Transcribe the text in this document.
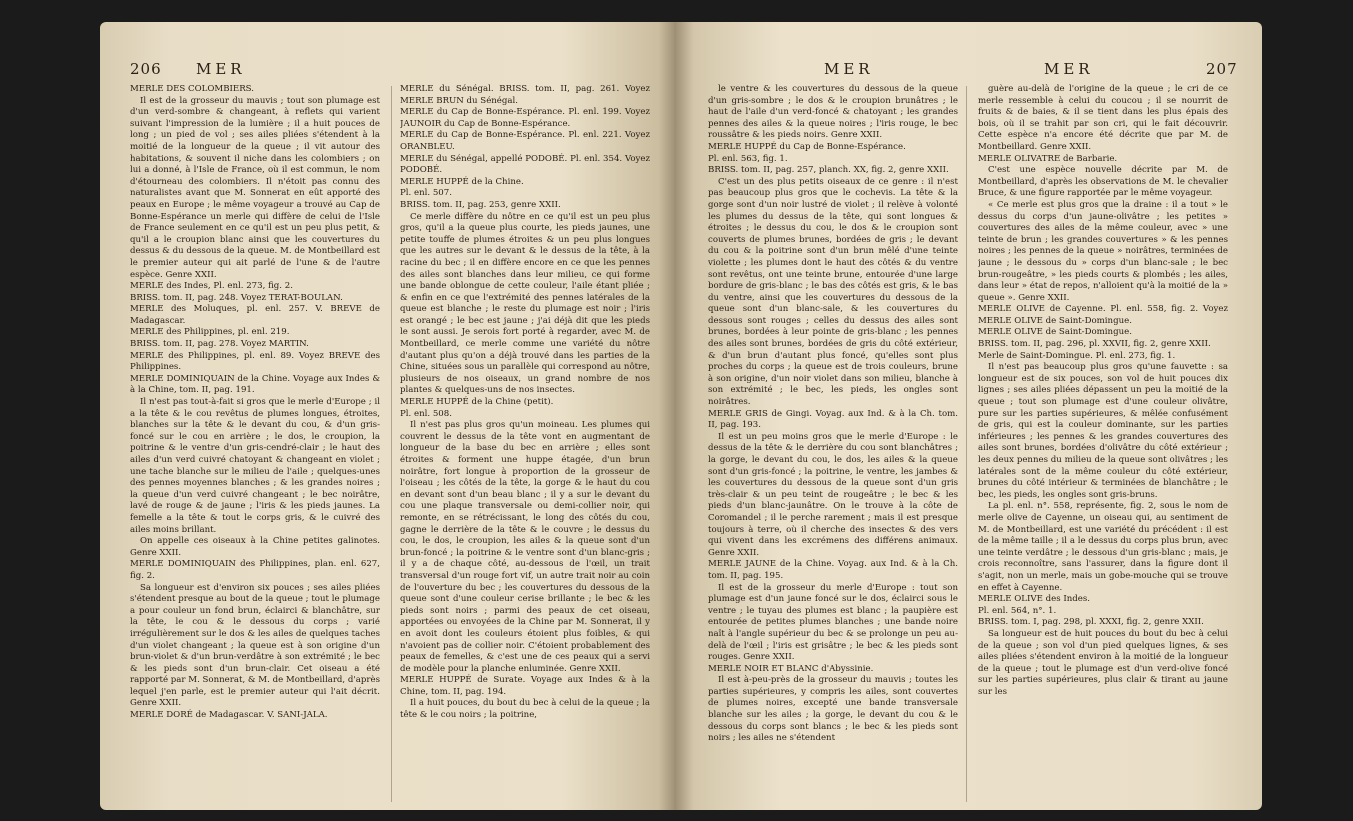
206 MER

MERLE DES COLOMBIERS.

Il est de la grosseur du mauvis ; tout son plumage est d'un verd-sombre & changeant, à reflets qui varient suivant l'impression de la lumière ; il a huit pouces de long ; un pied de vol ; ses ailes pliées s'étendent à la moitié de la longueur de la queue ; il vit autour des habitations, & souvent il niche dans les colombiers ; on lui a donné, à l'Isle de France, où il est commun, le nom d'étourneau des colombiers. Il n'étoit pas connu des naturalistes avant que M. Sonnerat en eût apporté des peaux en Europe ; le même voyageur a trouvé au Cap de Bonne-Espérance un merle qui diffère de celui de l'Isle de France seulement en ce qu'il est un peu plus petit, & qu'il a le croupion blanc ainsi que les couvertures du dessus & du dessous de la queue. M. de Montbeillard est le premier auteur qui ait parlé de l'une & de l'autre espèce. Genre XXII.

MERLE des Indes, Pl. enl. 273, fig. 2.

BRISS. tom. II, pag. 248. Voyez TERAT-BOULAN.

MERLE des Moluques, pl. enl. 257. V. BREVE de Madagascar.

MERLE des Philippines, pl. enl. 219.

BRISS. tom. II, pag. 278. Voyez MARTIN.

MERLE des Philippines, pl. enl. 89. Voyez BREVE des Philippines.

MERLE DOMINIQUAIN de la Chine. Voyage aux Indes & à la Chine, tom. II, pag. 191.

Il n'est pas tout-à-fait si gros que le merle d'Europe ; il a la tête & le cou revêtus de plumes longues, étroites, blanches sur la tête & le devant du cou, & d'un gris-foncé sur le cou en arrière ; le dos, le croupion, la poitrine & le ventre d'un gris-cendré-clair ; le haut des ailes d'un verd cuivré chatoyant & changeant en violet ; une tache blanche sur le milieu de l'aile ; quelques-unes des pennes moyennes blanches ; & les grandes noires ; la queue d'un verd cuivré changeant ; le bec noirâtre, lavé de rouge & de jaune ; l'iris & les pieds jaunes. La femelle a la tête & tout le corps gris, & le cuivré des ailes moins brillant.

On appelle ces oiseaux à la Chine petites galinotes. Genre XXII.

MERLE DOMINIQUAIN des Philippines, plan. enl. 627, fig. 2.

Sa longueur est d'environ six pouces ; ses ailes pliées s'étendent presque au bout de la queue ; tout le plumage a pour couleur un fond brun, éclairci & blanchâtre, sur la tête, le cou & le dessous du corps ; varié irrégulièrement sur le dos & les ailes de quelques taches d'un violet changeant ; la queue est à son origine d'un brun-violet & d'un brun-verdâtre à son extrémité ; le bec & les pieds sont d'un brun-clair. Cet oiseau a été rapporté par M. Sonnerat, & M. de Montbeillard, d'après lequel j'en parle, est le premier auteur qui l'ait décrit. Genre XXII.

MERLE DORÉ de Madagascar. V. SANI-JALA.

MERLE du Sénégal. BRISS. tom. II, pag. 261. Voyez MERLE BRUN du Sénégal.

MERLE du Cap de Bonne-Espérance. Pl. enl. 199. Voyez JAUNOIR du Cap de Bonne-Espérance.

MERLE du Cap de Bonne-Espérance. Pl. enl. 221. Voyez ORANBLEU.

MERLE du Sénégal, appellé PODOBÉ. Pl. enl. 354. Voyez PODOBÉ.

MERLE HUPPÉ de la Chine.

Pl. enl. 507.

BRISS. tom. II, pag. 253, genre XXII.

Ce merle diffère du nôtre en ce qu'il est un peu plus gros, qu'il a la queue plus courte, les pieds jaunes, une petite touffe de plumes étroites & un peu plus longues que les autres sur le devant & le dessus de la tête, à la racine du bec ; il en diffère encore en ce que les pennes des ailes sont blanches dans leur milieu, ce qui forme une bande oblongue de cette couleur, l'aile étant pliée ; & enfin en ce que l'extrémité des pennes latérales de la queue est blanche ; le reste du plumage est noir ; l'iris est orangé ; le bec est jaune ; j'ai déjà dit que les pieds le sont aussi. Je serois fort porté à regarder, avec M. de Montbeillard, ce merle comme une variété du nôtre d'autant plus qu'on a déjà trouvé dans les parties de la Chine, situées sous un parallèle qui correspond au nôtre, plusieurs de nos oiseaux, un grand nombre de nos plantes & quelques-uns de nos insectes.

MERLE HUPPÉ de la Chine (petit).

Pl. enl. 508.

Il n'est pas plus gros qu'un moineau. Les plumes qui couvrent le dessus de la tête vont en augmentant de longueur de la base du bec en arrière ; elles sont étroites & forment une huppe étagée, d'un brun noirâtre, fort longue à proportion de la grosseur de l'oiseau ; les côtés de la tête, la gorge & le haut du cou en devant sont d'un beau blanc ; il y a sur le devant du cou une plaque transversale ou demi-collier noir, qui remonte, en se rétrécissant, le long des côtés du cou, gagne le derrière de la tête & le couvre ; le dessus du cou, le dos, le croupion, les ailes & la queue sont d'un brun-foncé ; la poitrine & le ventre sont d'un blanc-gris ; il y a de chaque côté, au-dessous de l'œil, un trait transversal d'un rouge fort vif, un autre trait noir au coin de l'ouverture du bec ; les couvertures du dessous de la queue sont d'une couleur cerise brillante ; le bec & les pieds sont noirs ; parmi des peaux de cet oiseau, apportées ou envoyées de la Chine par M. Sonnerat, il y en avoit dont les couleurs étoient plus foibles, & qui n'avoient pas de collier noir. C'étoient probablement des peaux de femelles, & c'est une de ces peaux qui a servi de modèle pour la planche enluminée. Genre XXII.

MERLE HUPPÉ de Surate. Voyage aux Indes & à la Chine, tom. II, pag. 194.

Il a huit pouces, du bout du bec à celui de la queue ; la tête & le cou noirs ; la poitrine,

MER	MER	207

le ventre & les couvertures du dessous de la queue d'un gris-sombre ; le dos & le croupion brunâtres ; le haut de l'aile d'un verd-foncé & chatoyant ; les grandes pennes des ailes & la queue noires ; l'iris rouge, le bec roussâtre & les pieds noirs. Genre XXII.

MERLE HUPPÉ du Cap de Bonne-Espérance.

Pl. enl. 563, fig. 1.

BRISS. tom. II, pag. 257, planch. XX, fig. 2, genre XXII.

C'est un des plus petits oiseaux de ce genre : il n'est pas beaucoup plus gros que le cochevis. La tête & la gorge sont d'un noir lustré de violet ; il relève à volonté les plumes du dessus de la tête, qui sont longues & étroites ; le dessus du cou, le dos & le croupion sont couverts de plumes brunes, bordées de gris ; le devant du cou & la poitrine sont d'un brun mêlé d'une teinte violette ; les plumes dont le haut des côtés & du ventre sont revêtus, ont une teinte brune, entourée d'une large bordure de gris-blanc ; le bas des côtés est gris, & le bas du ventre, ainsi que les couvertures du dessous de la queue sont d'un blanc-sale, & les couvertures du dessous sont rouges ; celles du dessus des ailes sont brunes, bordées à leur pointe de gris-blanc ; les pennes des ailes sont brunes, bordées de gris du côté extérieur, & d'un brun d'autant plus foncé, qu'elles sont plus proches du corps ; la queue est de trois couleurs, brune à son origine, d'un noir violet dans son milieu, blanche à son extrémité ; le bec, les pieds, les ongles sont noirâtres.

MERLE GRIS de Gingi. Voyag. aux Ind. & à la Ch. tom. II, pag. 193.

Il est un peu moins gros que le merle d'Europe : le dessus de la tête & le derrière du cou sont blanchâtres ; la gorge, le devant du cou, le dos, les ailes & la queue sont d'un gris-foncé ; la poitrine, le ventre, les jambes & les couvertures du dessous de la queue sont d'un gris très-clair & un peu teint de rougeâtre ; le bec & les pieds d'un blanc-jaunâtre. On le trouve à la côte de Coromandel ; il le perche rarement ; mais il est presque toujours à terre, où il cherche des insectes & des vers qui vivent dans les excrémens des différens animaux. Genre XXII.

MERLE JAUNE de la Chine. Voyag. aux Ind. & à la Ch. tom. II, pag. 195.

Il est de la grosseur du merle d'Europe : tout son plumage est d'un jaune foncé sur le dos, éclairci sous le ventre ; le tuyau des plumes est blanc ; la paupière est entourée de petites plumes blanches ; une bande noire naît à l'angle supérieur du bec & se prolonge un peu au-delà de l'œil ; l'iris est grisâtre ; le bec & les pieds sont rouges. Genre XXII.

MERLE NOIR ET BLANC d'Abyssinie.

Il est à-peu-près de la grosseur du mauvis ; toutes les parties supérieures, y compris les ailes, sont couvertes de plumes noires, excepté une bande transversale blanche sur les ailes ; la gorge, le devant du cou & le dessous du corps sont blancs ; le bec & les pieds sont noirs ; les ailes ne s'étendent

guère au-delà de l'origine de la queue ; le cri de ce merle ressemble à celui du coucou ; il se nourrit de fruits & de baies, & il se tient dans les plus épais des bois, où il se trahit par son cri, qui le fait découvrir. Cette espèce n'a encore été décrite que par M. de Montbeillard. Genre XXII.

MERLE OLIVATRE de Barbarie.

C'est une espèce nouvelle décrite par M. de Montbeillard, d'après les observations de M. le chevalier Bruce, & une figure rapportée par le même voyageur.

« Ce merle est plus gros que la draine : il a tout » le dessus du corps d'un jaune-olivâtre ; les petites » couvertures des ailes de la même couleur, avec » une teinte de brun ; les grandes couvertures » & les pennes noires ; les pennes de la queue » noirâtres, terminées de jaune ; le dessous du » corps d'un blanc-sale ; le bec brun-rougeâtre, » les pieds courts & plombés ; les ailes, dans leur » état de repos, n'alloient qu'à la moitié de la » queue ». Genre XXII.

MERLE OLIVE de Cayenne. Pl. enl. 558, fig. 2. Voyez MERLE OLIVE de Saint-Domingue.

MERLE OLIVE de Saint-Domingue.

BRISS. tom. II, pag. 296, pl. XXVII, fig. 2, genre XXII.

Merle de Saint-Domingue. Pl. enl. 273, fig. 1.

Il n'est pas beaucoup plus gros qu'une fauvette : sa longueur est de six pouces, son vol de huit pouces dix lignes ; ses ailes pliées dépassent un peu la moitié de la queue ; tout son plumage est d'une couleur olivâtre, pure sur les parties supérieures, & mêlée confusément de gris, qui est la couleur dominante, sur les parties inférieures ; les pennes & les grandes couvertures des ailes sont brunes, bordées d'olivâtre du côté extérieur ; les deux pennes du milieu de la queue sont olivâtres ; les latérales sont de la même couleur du côté extérieur, brunes du côté intérieur & terminées de blanchâtre ; le bec, les pieds, les ongles sont gris-bruns.

La pl. enl. n°. 558, représente, fig. 2, sous le nom de merle olive de Cayenne, un oiseau qui, au sentiment de M. de Montbeillard, est une variété du précédent : il est de la même taille ; il a le dessus du corps plus brun, avec une teinte verdâtre ; le dessous d'un gris-blanc ; mais, je crois reconnoître, sans l'assurer, dans la figure dont il s'agit, non un merle, mais un gobe-mouche qui se trouve en effet à Cayenne.

MERLE OLIVE des Indes.

Pl. enl. 564, n°. 1.

BRISS. tom. I, pag. 298, pl. XXXI, fig. 2, genre XXII.

Sa longueur est de huit pouces du bout du bec à celui de la queue ; son vol d'un pied quelques lignes, & ses ailes pliées s'étendent environ à la moitié de la longueur de la queue ; tout le plumage est d'un verd-olive foncé sur les parties supérieures, plus clair & tirant au jaune sur les
